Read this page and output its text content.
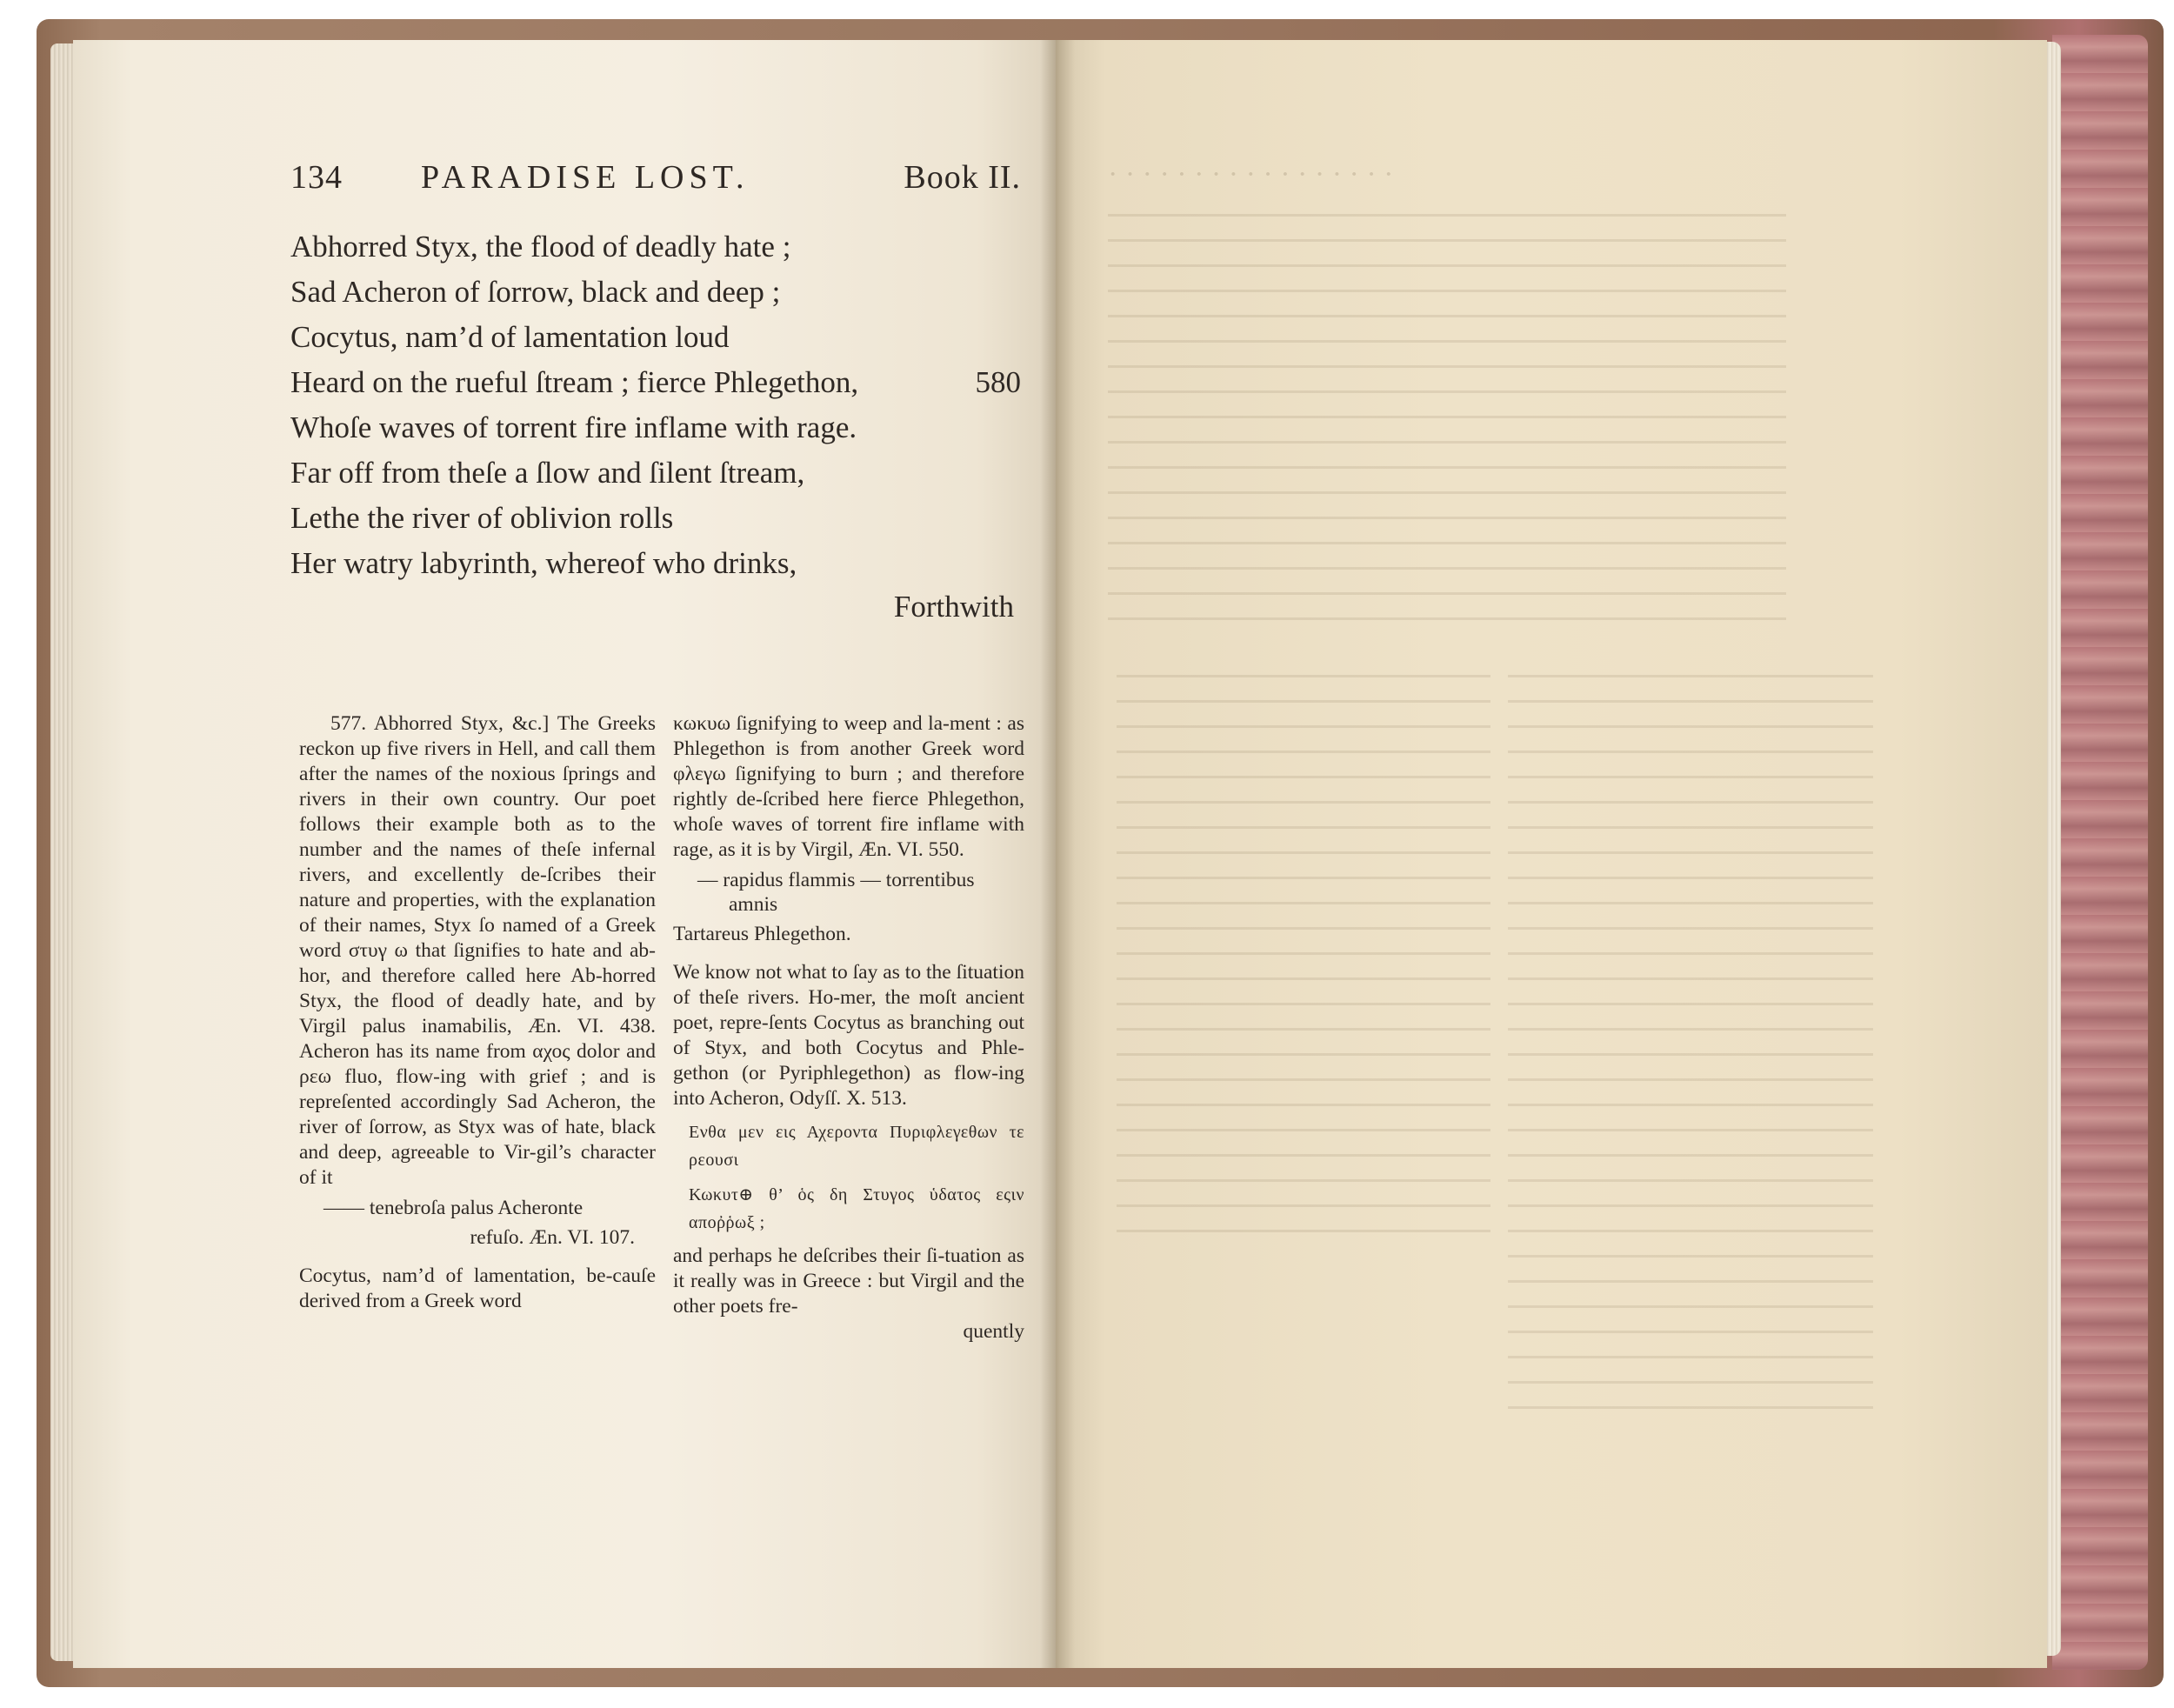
· · · · · · · · · · · · · · · · ·
134 PARADISE LOST.	Book II.
Abhorred Styx, the flood of deadly hate ;
Sad Acheron of ſorrow, black and deep ;
Cocytus, nam’d of lamentation loud
Heard on the rueful ſtream ; fierce Phlegethon,	580
Whoſe waves of torrent fire inflame with rage.
Far off from theſe a ſlow and ſilent ſtream,
Lethe the river of oblivion rolls
Her watry labyrinth, whereof who drinks,
Forthwith

577. Abhorred Styx, &c.] The Greeks reckon up five rivers in Hell, and call them after the names of the noxious ſprings and rivers in their own country. Our poet follows their example both as to the number and the names of theſe infernal rivers, and excellently de-ſcribes their nature and properties, with the explanation of their names, Styx ſo named of a Greek word στυγ ω that ſignifies to hate and ab-hor, and therefore called here Ab-horred Styx, the flood of deadly hate, and by Virgil palus inamabilis, Æn. VI. 438. Acheron has its name from αχος dolor and ρεω fluo, flow-ing with grief ; and is repreſented accordingly Sad Acheron, the river of ſorrow, as Styx was of hate, black and deep, agreeable to Vir-gil’s character of it

—— tenebroſa palus Acheronte
refuſo. Æn. VI. 107.

Cocytus, nam’d of lamentation, be-cauſe derived from a Greek word

κωκυω ſignifying to weep and la-ment : as Phlegethon is from another Greek word φλεγω ſignifying to burn ; and therefore rightly de-ſcribed here fierce Phlegethon, whoſe waves of torrent fire inflame with rage, as it is by Virgil, Æn. VI. 550.

— rapidus flammis — torrentibus
amnis
Tartareus Phlegethon.

We know not what to ſay as to the ſituation of theſe rivers. Ho-mer, the moſt ancient poet, repre-ſents Cocytus as branching out of Styx, and both Cocytus and Phle-gethon (or Pyriphlegethon) as flow-ing into Acheron, Odyſſ. X. 513.

Ενθα μεν εις Αχεροντα Πυριφλεγεθων τε ρεουσι
Κωκυτ⊕ θ’ ὁς δη Στυγος ὑδατος εςιν αποῤῥωξ ;

and perhaps he deſcribes their ſi-tuation as it really was in Greece : but Virgil and the other poets fre-

quently
